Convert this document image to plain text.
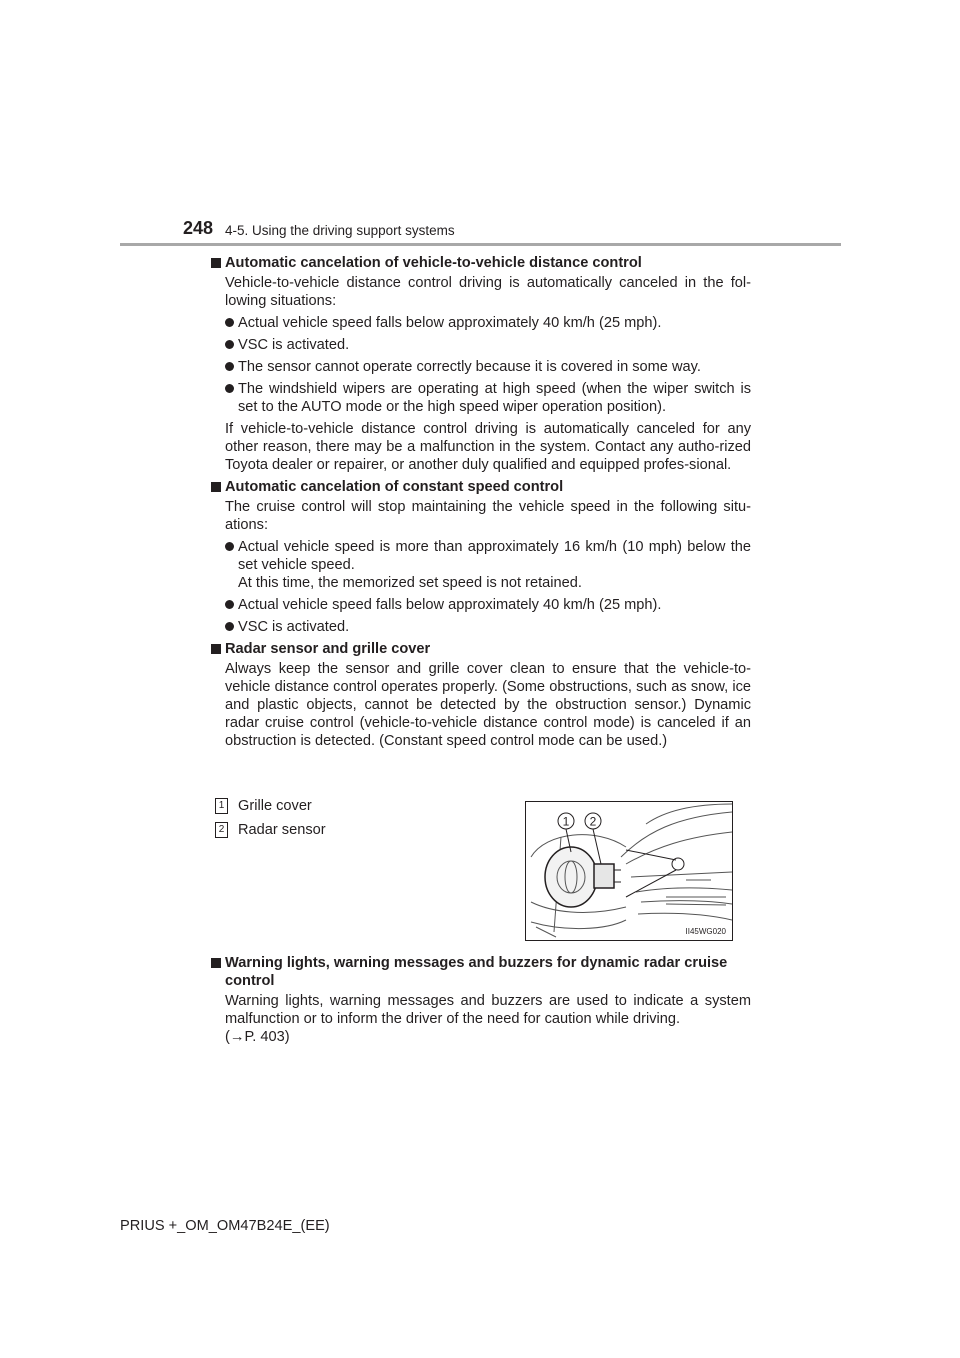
248 4-5. Using the driving support systems
Automatic cancelation of vehicle-to-vehicle distance control
Vehicle-to-vehicle distance control driving is automatically canceled in the fol-lowing situations:
Actual vehicle speed falls below approximately 40 km/h (25 mph).
VSC is activated.
The sensor cannot operate correctly because it is covered in some way.
The windshield wipers are operating at high speed (when the wiper switch is set to the AUTO mode or the high speed wiper operation position).
If vehicle-to-vehicle distance control driving is automatically canceled for any other reason, there may be a malfunction in the system. Contact any autho-rized Toyota dealer or repairer, or another duly qualified and equipped profes-sional.
Automatic cancelation of constant speed control
The cruise control will stop maintaining the vehicle speed in the following situ-ations:
Actual vehicle speed is more than approximately 16 km/h (10 mph) below the set vehicle speed.
At this time, the memorized set speed is not retained.
Actual vehicle speed falls below approximately 40 km/h (25 mph).
VSC is activated.
Radar sensor and grille cover
Always keep the sensor and grille cover clean to ensure that the vehicle-to-vehicle distance control operates properly. (Some obstructions, such as snow, ice and plastic objects, cannot be detected by the obstruction sensor.) Dynamic radar cruise control (vehicle-to-vehicle distance control mode) is canceled if an obstruction is detected. (Constant speed control mode can be used.)
1 Grille cover
2 Radar sensor
1 2
II45WG020
Warning lights, warning messages and buzzers for dynamic radar cruise control
Warning lights, warning messages and buzzers are used to indicate a system malfunction or to inform the driver of the need for caution while driving.
(→P. 403)
PRIUS +_OM_OM47B24E_(EE)
